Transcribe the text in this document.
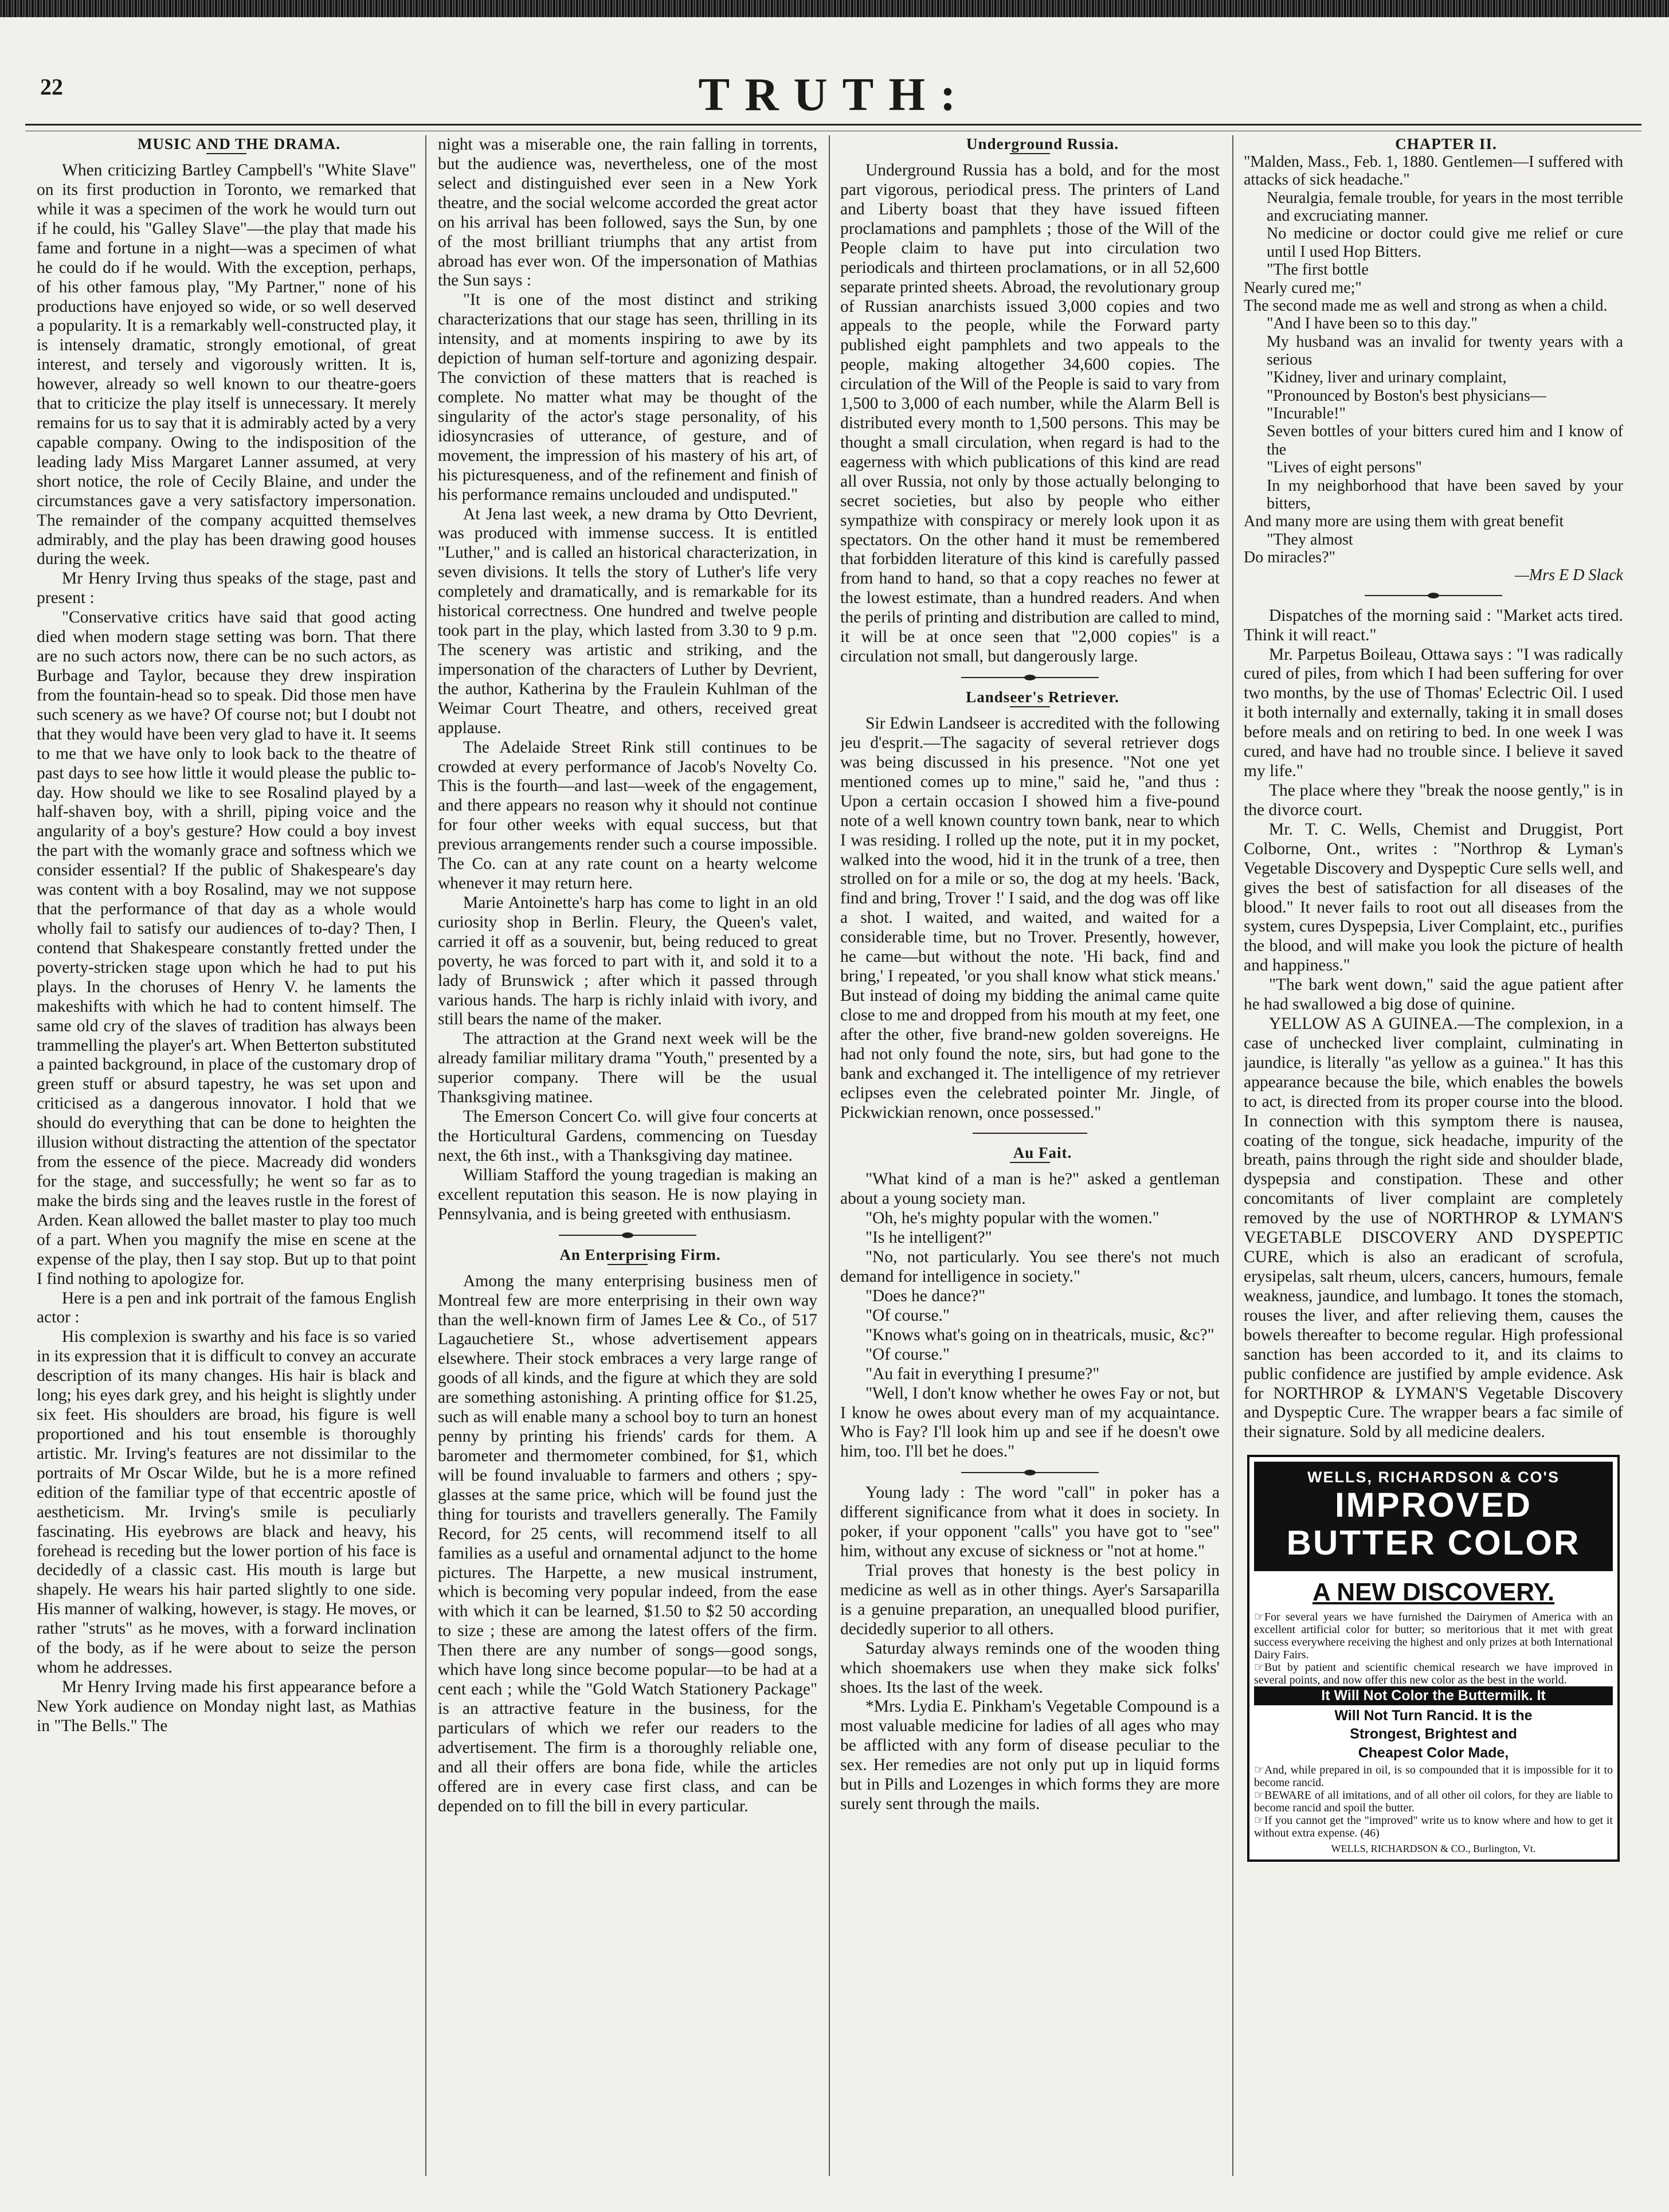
22	TRUTH:

MUSIC AND THE DRAMA.

When criticizing Bartley Campbell's "White Slave" on its first production in Toronto, we remarked that while it was a specimen of the work he would turn out if he could, his "Galley Slave"—the play that made his fame and fortune in a night—was a specimen of what he could do if he would. With the exception, perhaps, of his other famous play, "My Partner," none of his productions have enjoyed so wide, or so well deserved a popularity. It is a remarkably well-constructed play, it is intensely dramatic, strongly emotional, of great interest, and tersely and vigorously written. It is, however, already so well known to our theatre-goers that to criticize the play itself is unnecessary. It merely remains for us to say that it is admirably acted by a very capable company. Owing to the indisposition of the leading lady Miss Margaret Lanner assumed, at very short notice, the role of Cecily Blaine, and under the circumstances gave a very satisfactory impersonation. The remainder of the company acquitted themselves admirably, and the play has been drawing good houses during the week.

Mr Henry Irving thus speaks of the stage, past and present :

"Conservative critics have said that good acting died when modern stage setting was born. That there are no such actors now, there can be no such actors, as Burbage and Taylor, because they drew inspiration from the fountain-head so to speak. Did those men have such scenery as we have? Of course not; but I doubt not that they would have been very glad to have it. It seems to me that we have only to look back to the theatre of past days to see how little it would please the public to-day. How should we like to see Rosalind played by a half-shaven boy, with a shrill, piping voice and the angularity of a boy's gesture? How could a boy invest the part with the womanly grace and softness which we consider essential? If the public of Shakespeare's day was content with a boy Rosalind, may we not suppose that the performance of that day as a whole would wholly fail to satisfy our audiences of to-day? Then, I contend that Shakespeare constantly fretted under the poverty-stricken stage upon which he had to put his plays. In the choruses of Henry V. he laments the makeshifts with which he had to content himself. The same old cry of the slaves of tradition has always been trammelling the player's art. When Betterton substituted a painted background, in place of the customary drop of green stuff or absurd tapestry, he was set upon and criticised as a dangerous innovator. I hold that we should do everything that can be done to heighten the illusion without distracting the attention of the spectator from the essence of the piece. Macready did wonders for the stage, and successfully; he went so far as to make the birds sing and the leaves rustle in the forest of Arden. Kean allowed the ballet master to play too much of a part. When you magnify the mise en scene at the expense of the play, then I say stop. But up to that point I find nothing to apologize for.

Here is a pen and ink portrait of the famous English actor :

His complexion is swarthy and his face is so varied in its expression that it is difficult to convey an accurate description of its many changes. His hair is black and long; his eyes dark grey, and his height is slightly under six feet. His shoulders are broad, his figure is well proportioned and his tout ensemble is thoroughly artistic. Mr. Irving's features are not dissimilar to the portraits of Mr Oscar Wilde, but he is a more refined edition of the familiar type of that eccentric apostle of aestheticism. Mr. Irving's smile is peculiarly fascinating. His eyebrows are black and heavy, his forehead is receding but the lower portion of his face is decidedly of a classic cast. His mouth is large but shapely. He wears his hair parted slightly to one side. His manner of walking, however, is stagy. He moves, or rather "struts" as he moves, with a forward inclination of the body, as if he were about to seize the person whom he addresses.

Mr Henry Irving made his first appearance before a New York audience on Monday night last, as Mathias in "The Bells." The

night was a miserable one, the rain falling in torrents, but the audience was, nevertheless, one of the most select and distinguished ever seen in a New York theatre, and the social welcome accorded the great actor on his arrival has been followed, says the Sun, by one of the most brilliant triumphs that any artist from abroad has ever won. Of the impersonation of Mathias the Sun says :

"It is one of the most distinct and striking characterizations that our stage has seen, thrilling in its intensity, and at moments inspiring to awe by its depiction of human self-torture and agonizing despair. The conviction of these matters that is reached is complete. No matter what may be thought of the singularity of the actor's stage personality, of his idiosyncrasies of utterance, of gesture, and of movement, the impression of his mastery of his art, of his picturesqueness, and of the refinement and finish of his performance remains unclouded and undisputed."

At Jena last week, a new drama by Otto Devrient, was produced with immense success. It is entitled "Luther," and is called an historical characterization, in seven divisions. It tells the story of Luther's life very completely and dramatically, and is remarkable for its historical correctness. One hundred and twelve people took part in the play, which lasted from 3.30 to 9 p.m. The scenery was artistic and striking, and the impersonation of the characters of Luther by Devrient, the author, Katherina by the Fraulein Kuhlman of the Weimar Court Theatre, and others, received great applause.

The Adelaide Street Rink still continues to be crowded at every performance of Jacob's Novelty Co. This is the fourth—and last—week of the engagement, and there appears no reason why it should not continue for four other weeks with equal success, but that previous arrangements render such a course impossible. The Co. can at any rate count on a hearty welcome whenever it may return here.

Marie Antoinette's harp has come to light in an old curiosity shop in Berlin. Fleury, the Queen's valet, carried it off as a souvenir, but, being reduced to great poverty, he was forced to part with it, and sold it to a lady of Brunswick ; after which it passed through various hands. The harp is richly inlaid with ivory, and still bears the name of the maker.

The attraction at the Grand next week will be the already familiar military drama "Youth," presented by a superior company. There will be the usual Thanksgiving matinee.

The Emerson Concert Co. will give four concerts at the Horticultural Gardens, commencing on Tuesday next, the 6th inst., with a Thanksgiving day matinee.

William Stafford the young tragedian is making an excellent reputation this season. He is now playing in Pennsylvania, and is being greeted with enthusiasm.

An Enterprising Firm.

Among the many enterprising business men of Montreal few are more enterprising in their own way than the well-known firm of James Lee & Co., of 517 Lagauchetiere St., whose advertisement appears elsewhere. Their stock embraces a very large range of goods of all kinds, and the figure at which they are sold are something astonishing. A printing office for $1.25, such as will enable many a school boy to turn an honest penny by printing his friends' cards for them. A barometer and thermometer combined, for $1, which will be found invaluable to farmers and others ; spy-glasses at the same price, which will be found just the thing for tourists and travellers generally. The Family Record, for 25 cents, will recommend itself to all families as a useful and ornamental adjunct to the home pictures. The Harpette, a new musical instrument, which is becoming very popular indeed, from the ease with which it can be learned, $1.50 to $2 50 according to size ; these are among the latest offers of the firm. Then there are any number of songs—good songs, which have long since become popular—to be had at a cent each ; while the "Gold Watch Stationery Package" is an attractive feature in the business, for the particulars of which we refer our readers to the advertisement. The firm is a thoroughly reliable one, and all their offers are bona fide, while the articles offered are in every case first class, and can be depended on to fill the bill in every particular.

Underground Russia.

Underground Russia has a bold, and for the most part vigorous, periodical press. The printers of Land and Liberty boast that they have issued fifteen proclamations and pamphlets ; those of the Will of the People claim to have put into circulation two periodicals and thirteen proclamations, or in all 52,600 separate printed sheets. Abroad, the revolutionary group of Russian anarchists issued 3,000 copies and two appeals to the people, while the Forward party published eight pamphlets and two appeals to the people, making altogether 34,600 copies. The circulation of the Will of the People is said to vary from 1,500 to 3,000 of each number, while the Alarm Bell is distributed every month to 1,500 persons. This may be thought a small circulation, when regard is had to the eagerness with which publications of this kind are read all over Russia, not only by those actually belonging to secret societies, but also by people who either sympathize with conspiracy or merely look upon it as spectators. On the other hand it must be remembered that forbidden literature of this kind is carefully passed from hand to hand, so that a copy reaches no fewer at the lowest estimate, than a hundred readers. And when the perils of printing and distribution are called to mind, it will be at once seen that "2,000 copies" is a circulation not small, but dangerously large.

Landseer's Retriever.

Sir Edwin Landseer is accredited with the following jeu d'esprit.—The sagacity of several retriever dogs was being discussed in his presence. "Not one yet mentioned comes up to mine," said he, "and thus : Upon a certain occasion I showed him a five-pound note of a well known country town bank, near to which I was residing. I rolled up the note, put it in my pocket, walked into the wood, hid it in the trunk of a tree, then strolled on for a mile or so, the dog at my heels. 'Back, find and bring, Trover !' I said, and the dog was off like a shot. I waited, and waited, and waited for a considerable time, but no Trover. Presently, however, he came—but without the note. 'Hi back, find and bring,' I repeated, 'or you shall know what stick means.' But instead of doing my bidding the animal came quite close to me and dropped from his mouth at my feet, one after the other, five brand-new golden sovereigns. He had not only found the note, sirs, but had gone to the bank and exchanged it. The intelligence of my retriever eclipses even the celebrated pointer Mr. Jingle, of Pickwickian renown, once possessed."

Au Fait.

"What kind of a man is he?" asked a gentleman about a young society man.

"Oh, he's mighty popular with the women."

"Is he intelligent?"

"No, not particularly. You see there's not much demand for intelligence in society."

"Does he dance?"

"Of course."

"Knows what's going on in theatricals, music, &c?"

"Of course."

"Au fait in everything I presume?"

"Well, I don't know whether he owes Fay or not, but I know he owes about every man of my acquaintance. Who is Fay? I'll look him up and see if he doesn't owe him, too. I'll bet he does."

Young lady : The word "call" in poker has a different significance from what it does in society. In poker, if your opponent "calls" you have got to "see" him, without any excuse of sickness or "not at home."

Trial proves that honesty is the best policy in medicine as well as in other things. Ayer's Sarsaparilla is a genuine preparation, an unequalled blood purifier, decidedly superior to all others.

Saturday always reminds one of the wooden thing which shoemakers use when they make sick folks' shoes. Its the last of the week.

*Mrs. Lydia E. Pinkham's Vegetable Compound is a most valuable medicine for ladies of all ages who may be afflicted with any form of disease peculiar to the sex. Her remedies are not only put up in liquid forms but in Pills and Lozenges in which forms they are more surely sent through the mails.

CHAPTER II.

"Malden, Mass., Feb. 1, 1880. Gentlemen—I suffered with attacks of sick headache."

Neuralgia, female trouble, for years in the most terrible and excruciating manner.

No medicine or doctor could give me relief or cure until I used Hop Bitters.

"The first bottle

Nearly cured me;"

The second made me as well and strong as when a child.

"And I have been so to this day."

My husband was an invalid for twenty years with a serious

"Kidney, liver and urinary complaint,

"Pronounced by Boston's best physicians—

"Incurable!"

Seven bottles of your bitters cured him and I know of the

"Lives of eight persons"

In my neighborhood that have been saved by your bitters,

And many more are using them with great benefit

"They almost

Do miracles?"

—Mrs E D Slack

Dispatches of the morning said : "Market acts tired. Think it will react."

Mr. Parpetus Boileau, Ottawa says : "I was radically cured of piles, from which I had been suffering for over two months, by the use of Thomas' Eclectric Oil. I used it both internally and externally, taking it in small doses before meals and on retiring to bed. In one week I was cured, and have had no trouble since. I believe it saved my life."

The place where they "break the noose gently," is in the divorce court.

Mr. T. C. Wells, Chemist and Druggist, Port Colborne, Ont., writes : "Northrop & Lyman's Vegetable Discovery and Dyspeptic Cure sells well, and gives the best of satisfaction for all diseases of the blood." It never fails to root out all diseases from the system, cures Dyspepsia, Liver Complaint, etc., purifies the blood, and will make you look the picture of health and happiness."

"The bark went down," said the ague patient after he had swallowed a big dose of quinine.

YELLOW AS A GUINEA.—The complexion, in a case of unchecked liver complaint, culminating in jaundice, is literally "as yellow as a guinea." It has this appearance because the bile, which enables the bowels to act, is directed from its proper course into the blood. In connection with this symptom there is nausea, coating of the tongue, sick headache, impurity of the breath, pains through the right side and shoulder blade, dyspepsia and constipation. These and other concomitants of liver complaint are completely removed by the use of NORTHROP & LYMAN'S VEGETABLE DISCOVERY AND DYSPEPTIC CURE, which is also an eradicant of scrofula, erysipelas, salt rheum, ulcers, cancers, humours, female weakness, jaundice, and lumbago. It tones the stomach, rouses the liver, and after relieving them, causes the bowels thereafter to become regular. High professional sanction has been accorded to it, and its claims to public confidence are justified by ample evidence. Ask for NORTHROP & LYMAN'S Vegetable Discovery and Dyspeptic Cure. The wrapper bears a fac simile of their signature. Sold by all medicine dealers.

WELLS, RICHARDSON & CO'S
IMPROVED
BUTTER COLOR
A NEW DISCOVERY.
☞For several years we have furnished the Dairymen of America with an excellent artificial color for butter; so meritorious that it met with great success everywhere receiving the highest and only prizes at both International Dairy Fairs.
☞But by patient and scientific chemical research we have improved in several points, and now offer this new color as the best in the world.
It Will Not Color the Buttermilk. It
Will Not Turn Rancid. It is the
Strongest, Brightest and
Cheapest Color Made,
☞And, while prepared in oil, is so compounded that it is impossible for it to become rancid.
☞BEWARE of all imitations, and of all other oil colors, for they are liable to become rancid and spoil the butter.
☞If you cannot get the "improved" write us to know where and how to get it without extra expense. (46)
WELLS, RICHARDSON & CO., Burlington, Vt.
